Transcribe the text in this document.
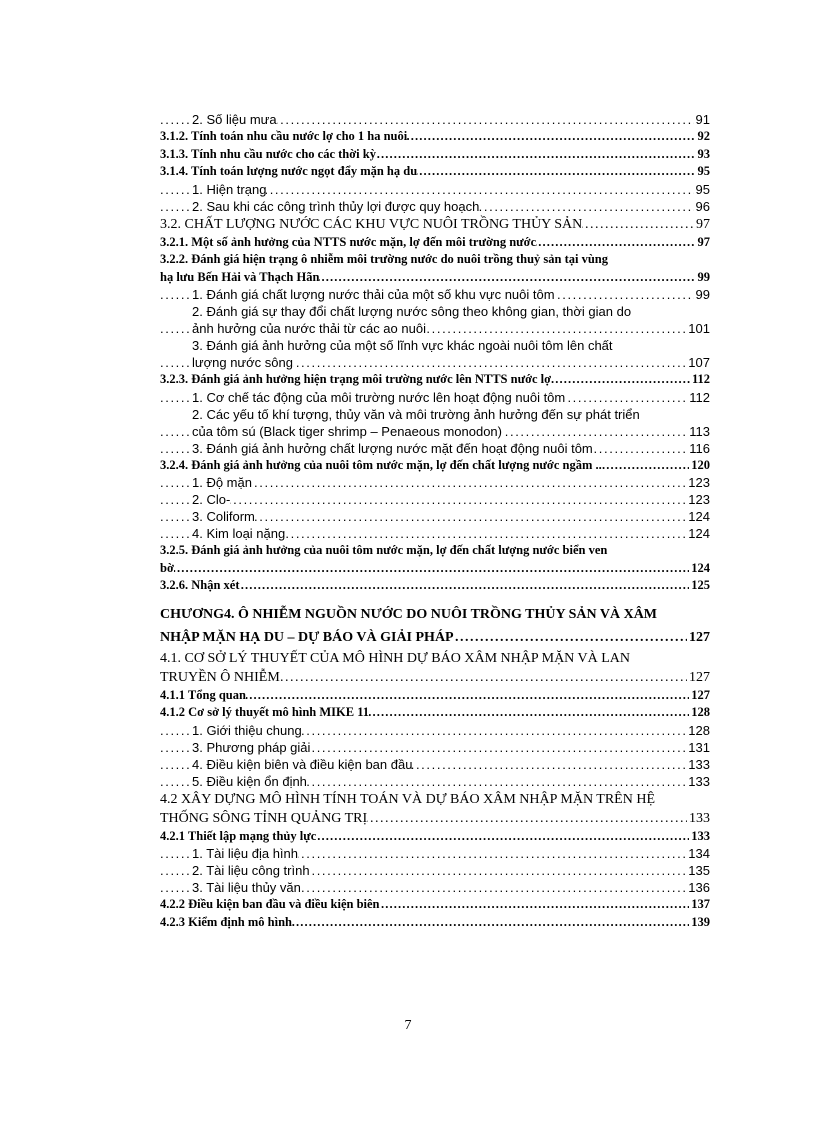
2. Số liệu mưa	91
. . .
3.1.2. Tính toán nhu cầu nước lợ cho 1 ha nuôi	92
. . .
3.1.3. Tính nhu cầu nước cho các thời kỳ	93
. . .
3.1.4. Tính toán lượng nước ngọt đẩy mặn hạ du	95
. . .
1. Hiện trạng	95
. . .
2. Sau khi các công trình thủy lợi được quy hoạch	96
. . .
3.2. CHẤT LƯỢNG NƯỚC CÁC KHU VỰC NUÔI TRỒNG THỦY SẢN	97
. . .
3.2.1. Một số ảnh hưởng của NTTS nước mặn, lợ đến môi trường nước	97
. . .
3.2.2. Đánh giá hiện trạng ô nhiễm môi trường nước do nuôi trồng thuỷ sản tại vùng
hạ lưu Bến Hải và Thạch Hãn	99
. . .
1. Đánh giá chất lượng nước thải của một số khu vực nuôi tôm	99
. . .
2. Đánh giá sự thay đổi chất lượng nước sông theo không gian, thời gian do
ảnh hưởng của nước thải từ các ao nuôi	101
. . .
3. Đánh giá ảnh hưởng của một số lĩnh vực khác ngoài nuôi tôm lên chất
lượng nước sông	107
. . .
3.2.3. Đánh giá ảnh hưởng hiện trạng môi trường nước lên NTTS nước lợ	112
. . .
1. Cơ chế tác động của môi trường nước lên hoạt động nuôi tôm	112
. . .
2. Các yếu tố khí tượng, thủy văn và môi trường ảnh hưởng đến sự phát triển
của tôm sú (Black tiger shrimp – Penaeous monodon)	113
. . .
3. Đánh giá ảnh hưởng chất lượng nước mặt đến hoạt động nuôi tôm	116
. . .
3.2.4. Đánh giá ảnh hưởng của nuôi tôm nước mặn, lợ đến chất lượng nước ngầm ..	120
. . .
1. Độ mặn	123
. . .
2. Clo-	123
. . .
3. Coliform	124
. . .
4. Kim loại nặng	124
. . .
3.2.5. Đánh giá ảnh hưởng của nuôi tôm nước mặn, lợ đến chất lượng nước biển ven
bờ	124
. . .
3.2.6. Nhận xét	125
. . .
CHƯƠNG4. Ô NHIỄM NGUỒN NƯỚC DO NUÔI TRỒNG THỦY SẢN VÀ XÂM
NHẬP MẶN HẠ DU – DỰ BÁO VÀ GIẢI PHÁP	127
. . .
4.1. CƠ SỞ LÝ THUYẾT CỦA MÔ HÌNH DỰ BÁO XÂM NHẬP MẶN VÀ LAN
TRUYỀN Ô NHIỄM	127
. . .
4.1.1 Tổng quan	127
. . .
4.1.2 Cơ sở lý thuyết mô hình MIKE 11	128
. . .
1. Giới thiệu chung	128
. . .
3. Phương pháp giải	131
. . .
4. Điều kiện biên và điều kiện ban đầu	133
. . .
5. Điều kiện ổn định	133
. . .
4.2 XÂY DỰNG MÔ HÌNH TÍNH TOÁN VÀ DỰ BÁO XÂM NHẬP MẶN TRÊN HỆ
THỐNG SÔNG TỈNH QUẢNG TRỊ	133
. . .
4.2.1 Thiết lập mạng thủy lực	133
. . .
1. Tài liệu địa hình	134
. . .
2. Tài liệu công trình	135
. . .
3. Tài liệu thủy văn	136
. . .
4.2.2 Điều kiện ban đầu và điều kiện biên	137
. . .
4.2.3 Kiểm định mô hình	139
. . .
7
